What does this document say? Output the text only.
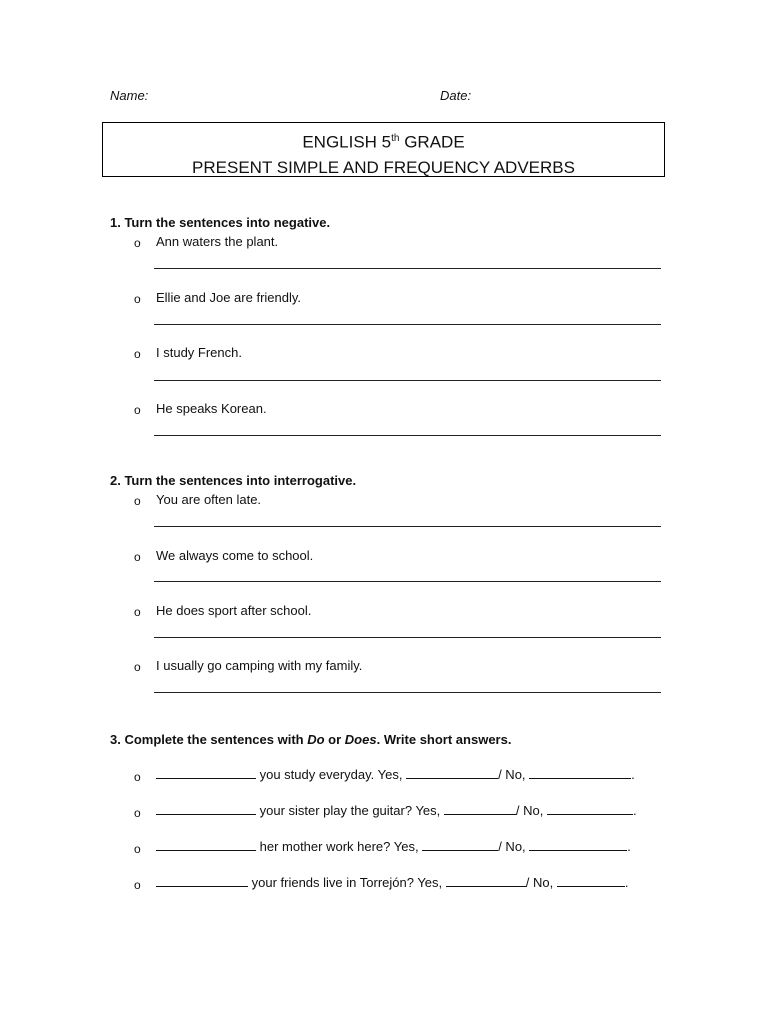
Name:	Date:
ENGLISH 5th GRADE
PRESENT SIMPLE AND FREQUENCY ADVERBS
1. Turn the sentences into negative.
o Ann waters the plant.
o Ellie and Joe are friendly.
o I study French.
o He speaks Korean.
2. Turn the sentences into interrogative.
o You are often late.
o We always come to school.
o He does sport after school.
o I usually go camping with my family.
3. Complete the sentences with Do or Does. Write short answers.
o	you study everyday. Yes,	/ No,	.
o	your sister play the guitar? Yes,	/ No,	.
o	her mother work here? Yes,	/ No,	.
o	your friends live in Torrejón? Yes,	/ No,	.
